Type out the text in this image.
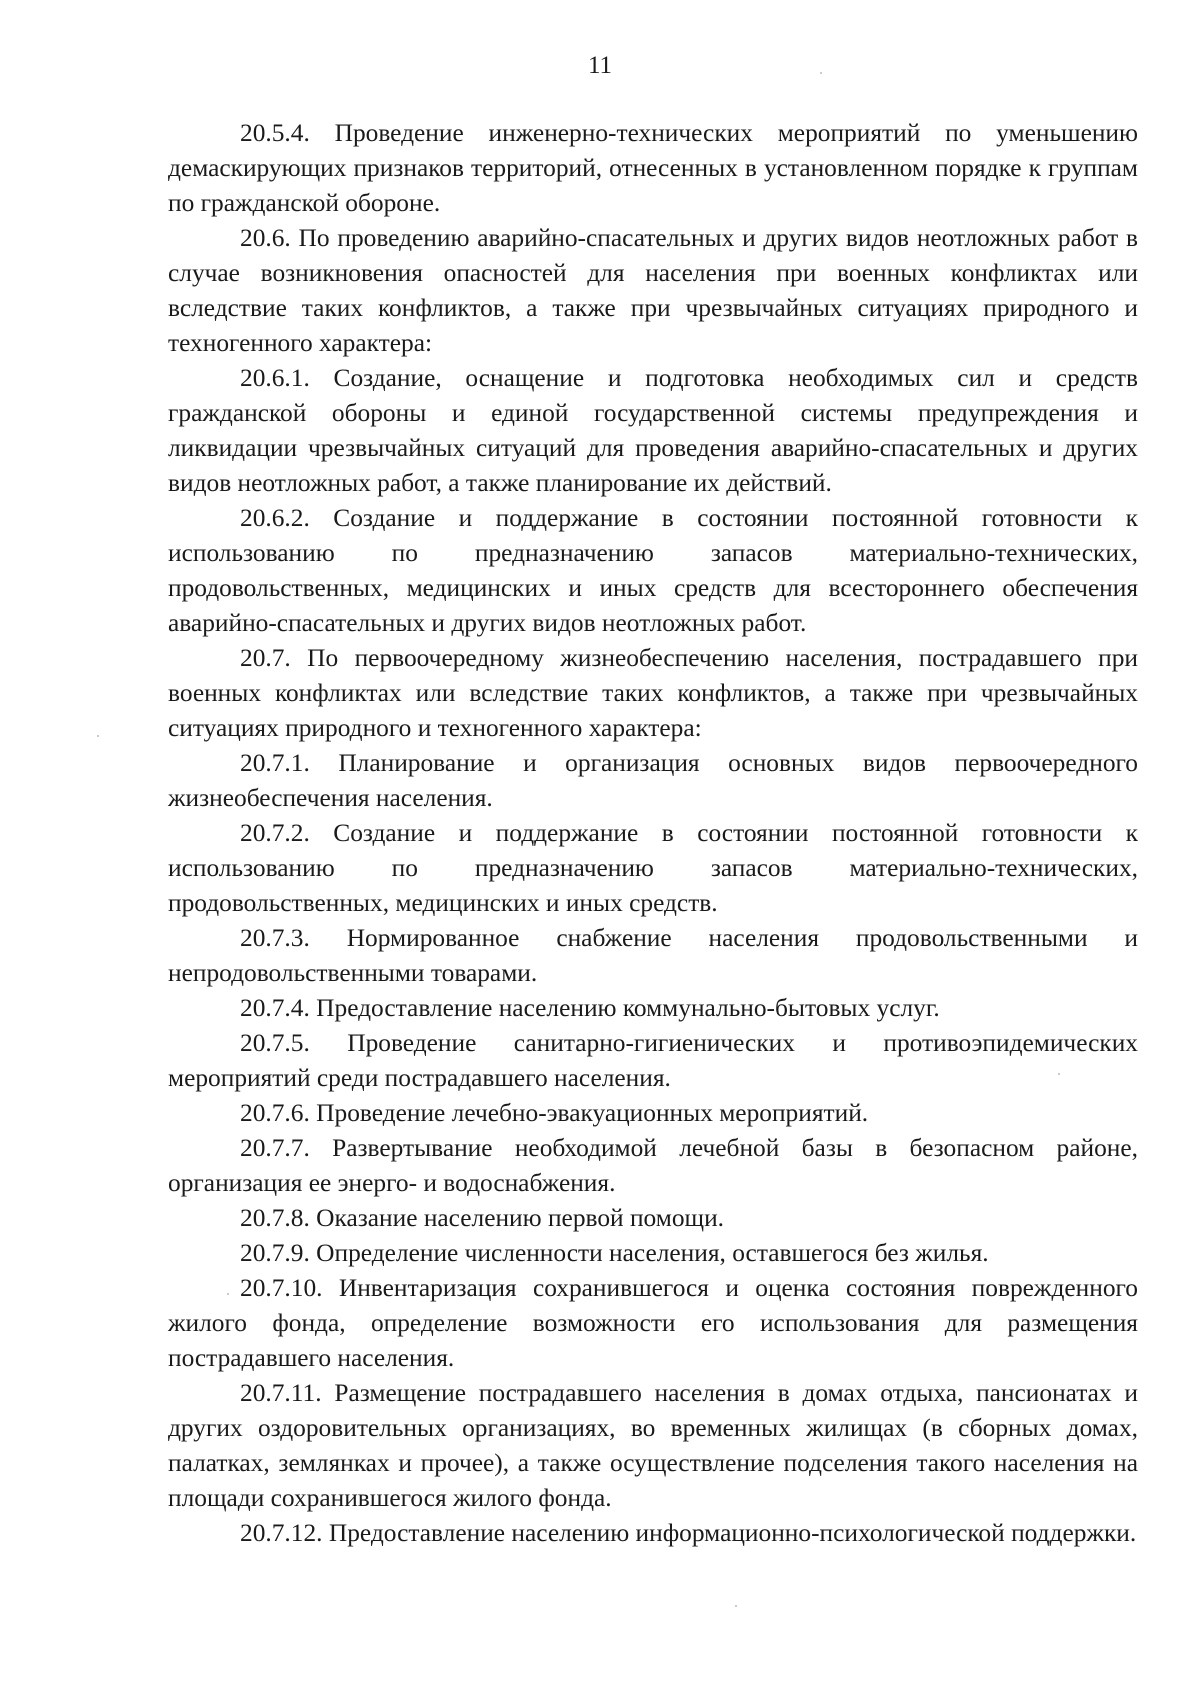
11

20.5.4. Проведение инженерно-технических мероприятий по уменьшению демаскирующих признаков территорий, отнесенных в установленном порядке к группам по гражданской обороне.

20.6. По проведению аварийно-спасательных и других видов неотложных работ в случае возникновения опасностей для населения при военных конфликтах или вследствие таких конфликтов, а также при чрезвычайных ситуациях природного и техногенного характера:

20.6.1. Создание, оснащение и подготовка необходимых сил и средств гражданской обороны и единой государственной системы предупреждения и ликвидации чрезвычайных ситуаций для проведения аварийно-спасательных и других видов неотложных работ, а также планирование их действий.

20.6.2. Создание и поддержание в состоянии постоянной готовности к использованию по предназначению запасов материально-технических, продовольственных, медицинских и иных средств для всестороннего обеспечения аварийно-спасательных и других видов неотложных работ.

20.7. По первоочередному жизнеобеспечению населения, пострадавшего при военных конфликтах или вследствие таких конфликтов, а также при чрезвычайных ситуациях природного и техногенного характера:

20.7.1. Планирование и организация основных видов первоочередного жизнеобеспечения населения.

20.7.2. Создание и поддержание в состоянии постоянной готовности к использованию по предназначению запасов материально-технических, продовольственных, медицинских и иных средств.

20.7.3. Нормированное снабжение населения продовольственными и непродовольственными товарами.

20.7.4. Предоставление населению коммунально-бытовых услуг.

20.7.5. Проведение санитарно-гигиенических и противоэпидемических мероприятий среди пострадавшего населения.

20.7.6. Проведение лечебно-эвакуационных мероприятий.

20.7.7. Развертывание необходимой лечебной базы в безопасном районе, организация ее энерго- и водоснабжения.

20.7.8. Оказание населению первой помощи.

20.7.9. Определение численности населения, оставшегося без жилья.

20.7.10. Инвентаризация сохранившегося и оценка состояния поврежденного жилого фонда, определение возможности его использования для размещения пострадавшего населения.

20.7.11. Размещение пострадавшего населения в домах отдыха, пансионатах и других оздоровительных организациях, во временных жилищах (в сборных домах, палатках, землянках и прочее), а также осуществление подселения такого населения на площади сохранившегося жилого фонда.

20.7.12. Предоставление населению информационно-психологической поддержки.
